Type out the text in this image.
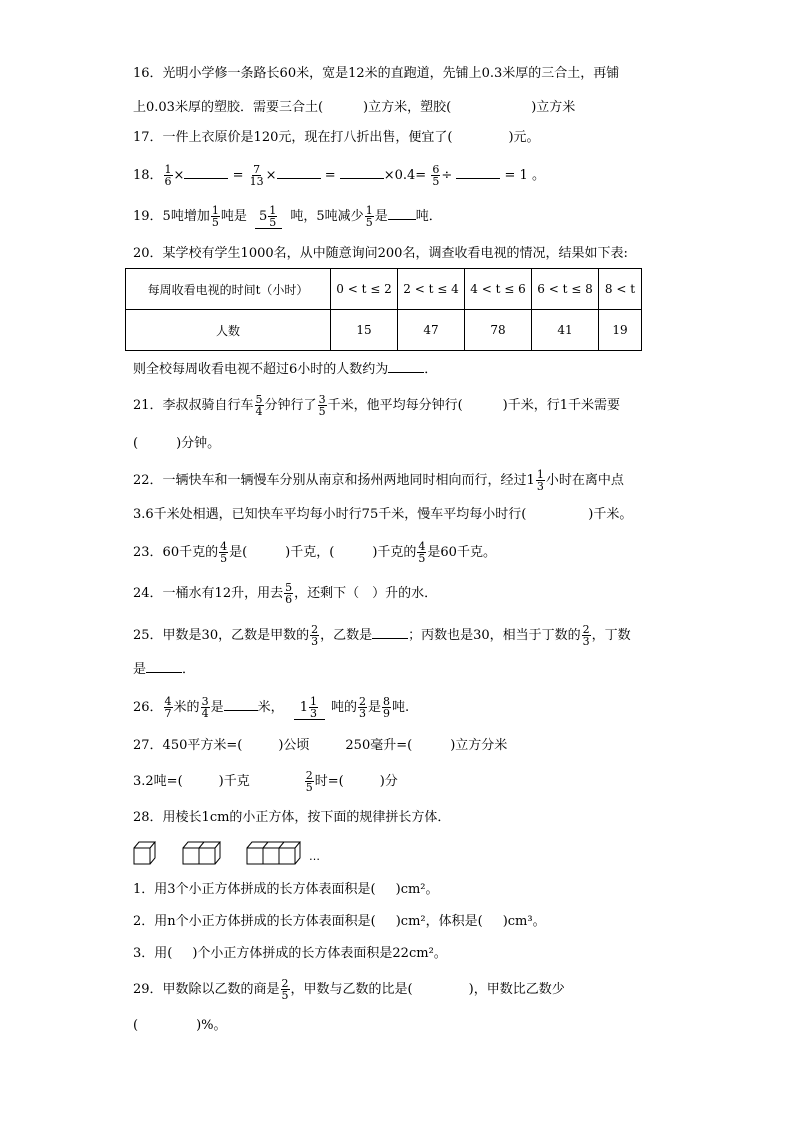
16．光明小学修一条路长60米，宽是12米的直跑道，先铺上0.3米厚的三合土，再铺
上0.03米厚的塑胶．需要三合土(	)立方米，塑胶(	)立方米
17．一件上衣原价是120元，现在打八折出售，便宜了(	)元。
18． $\frac{1}{6}$ ×	= $\frac{7}{13}$ ×	=	$\times 0.4= \frac{6}{5}$ ÷	= 1 。
19．5吨增加 $\frac{1}{5}$ 吨是 $5 \frac{1}{5}$ 吨，5吨减少 $\frac{1}{5}$ 是 吨．
20．某学校有学生1000名，从中随意询问200名，调查收看电视的情况，结果如下表:
每周收看电视的时间t（小时）	0 < t ≤ 2	2 < t ≤ 4	4 < t ≤ 6	6 < t ≤ 8	8 < t
人数	15	47	78	41	19
则全校每周收看电视不超过6小时的人数约为	．
21．李叔叔骑自行车 $\frac{5}{4}$ 分钟行了 $\frac{3}{5}$ 千米，他平均每分钟行(	)千米，行1千米需要
(	)分钟。
22．一辆快车和一辆慢车分别从南京和扬州两地同时相向而行，经过$1 \frac{1}{3}$ 小时在离中点
3.6千米处相遇，已知快车平均每小时行75千米，慢车平均每小时行(	)千米。
23．60千克的 $\frac{4}{5}$ 是(	)千克，(	)千克的 $\frac{4}{5}$ 是60千克。
24．一桶水有12升，用去 $\frac{5}{6}$ ，还剩下（　）升的水．
25．甲数是30，乙数是甲数的 $\frac{2}{3}$ ，乙数是	；丙数也是30，相当于丁数的 $\frac{2}{3}$ ，丁数
是	．
26． $\frac{4}{7}$ 米的 $\frac{3}{4}$ 是	米， $1 \frac{1}{3}$ 吨的 $\frac{2}{3}$ 是 $\frac{8}{9}$ 吨.
27．450平方米=(	)公顷	250毫升=(	)立方分米
3.2吨=(	)千克	$\frac{2}{5}$ 时=(	)分
28．用棱长1cm的小正方体，按下面的规律拼长方体．
…
1．用3个小正方体拼成的长方体表面积是( )cm²。
2．用n个小正方体拼成的长方体表面积是( )cm²，体积是( )cm³。
3．用( )个小正方体拼成的长方体表面积是22cm²。
29．甲数除以乙数的商是 $\frac{2}{5}$ ，甲数与乙数的比是(	)，甲数比乙数少
(	)%。
